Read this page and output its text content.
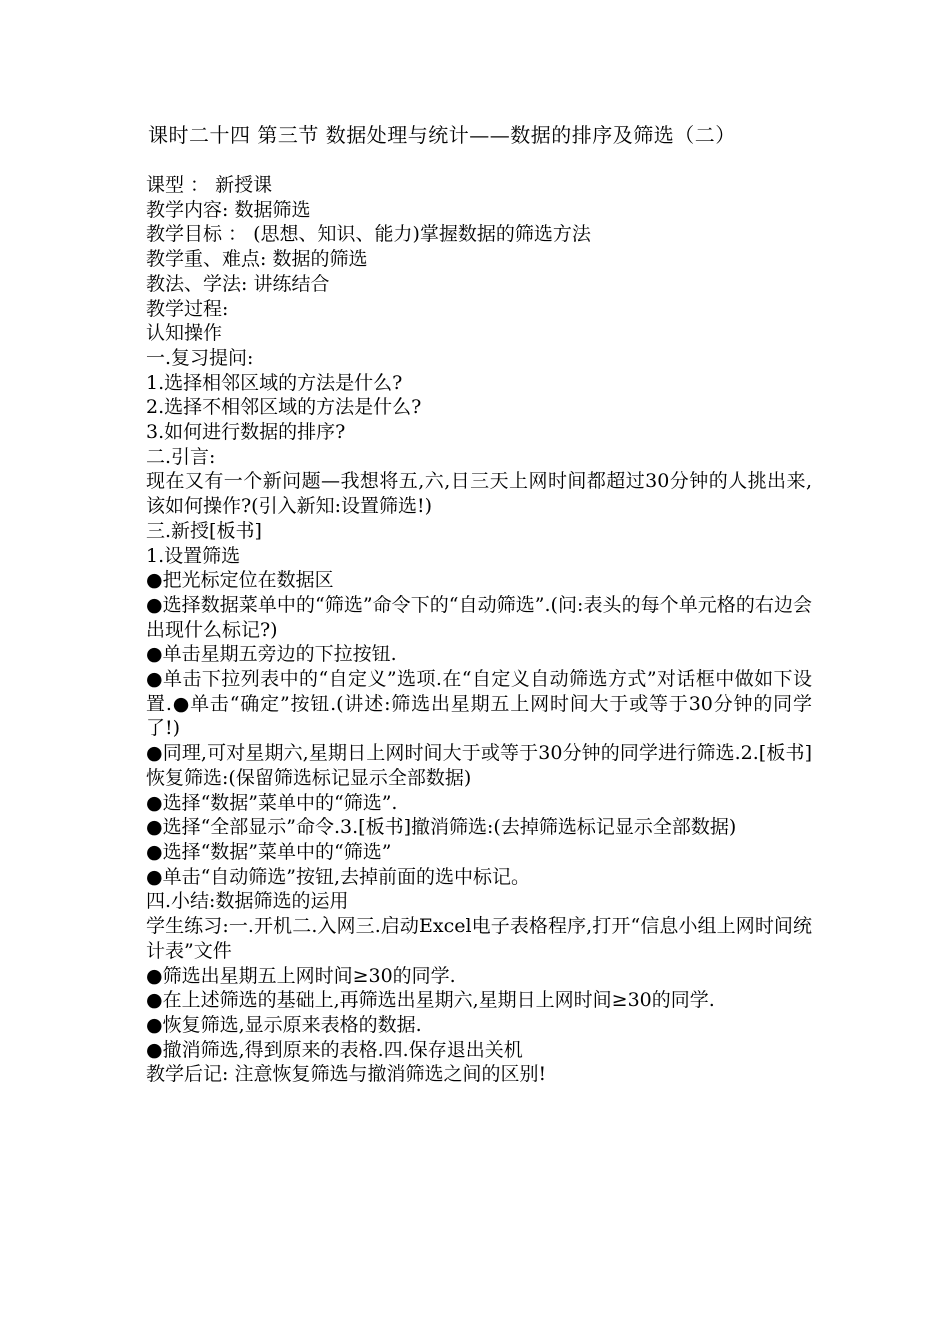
课时二十四 第三节 数据处理与统计——数据的排序及筛选（二）
课型 ： 新授课
教学内容: 数据筛选
教学目标 ： (思想、知识、能力)掌握数据的筛选方法
教学重、难点: 数据的筛选
教法、学法: 讲练结合
教学过程:
认知操作
一.复习提问:
1.选择相邻区域的方法是什么?
2.选择不相邻区域的方法是什么?
3.如何进行数据的排序?
二.引言:
现在又有一个新问题—我想将五,六,日三天上网时间都超过30分钟的人挑出来,该如何操作?(引入新知:设置筛选!)
三.新授[板书]
1.设置筛选
●把光标定位在数据区
●选择数据菜单中的“筛选”命令下的“自动筛选”.(问:表头的每个单元格的右边会出现什么标记?)
●单击星期五旁边的下拉按钮.
●单击下拉列表中的“自定义”选项.在“自定义自动筛选方式”对话框中做如下设置.●单击“确定”按钮.(讲述:筛选出星期五上网时间大于或等于30分钟的同学了!)
●同理,可对星期六,星期日上网时间大于或等于30分钟的同学进行筛选.2.[板书]恢复筛选:(保留筛选标记显示全部数据)
●选择“数据”菜单中的“筛选”.
●选择“全部显示”命令.3.[板书]撤消筛选:(去掉筛选标记显示全部数据)
●选择“数据”菜单中的“筛选”
●单击“自动筛选”按钮,去掉前面的选中标记。
四.小结:数据筛选的运用
学生练习:一.开机二.入网三.启动Excel电子表格程序,打开“信息小组上网时间统计表”文件
●筛选出星期五上网时间≥30的同学.
●在上述筛选的基础上,再筛选出星期六,星期日上网时间≥30的同学.
●恢复筛选,显示原来表格的数据.
●撤消筛选,得到原来的表格.四.保存退出关机
教学后记: 注意恢复筛选与撤消筛选之间的区别!
